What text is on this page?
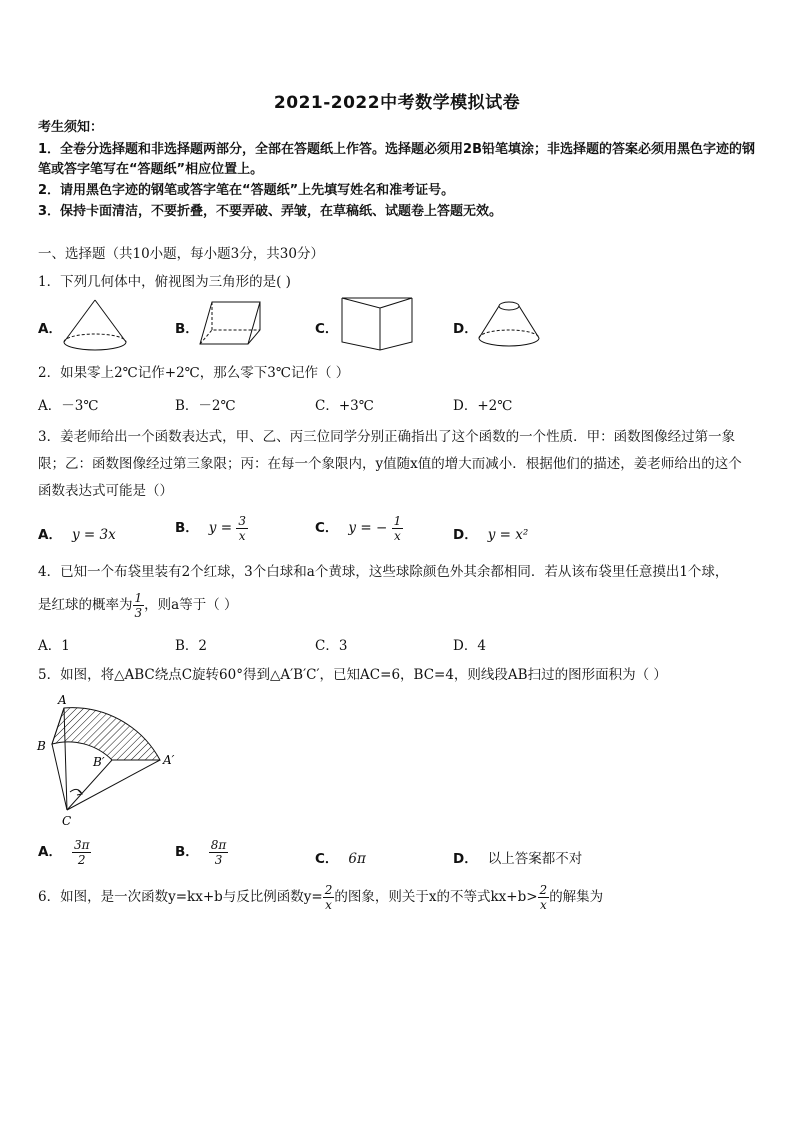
2021-2022中考数学模拟试卷
考生须知：
1．全卷分选择题和非选择题两部分，全部在答题纸上作答。选择题必须用2B铅笔填涂；非选择题的答案必须用黑色字迹的钢笔或答字笔写在“答题纸”相应位置上。
2．请用黑色字迹的钢笔或答字笔在“答题纸”上先填写姓名和准考证号。
3．保持卡面清洁，不要折叠，不要弄破、弄皱，在草稿纸、试题卷上答题无效。
一、选择题（共10小题，每小题3分，共30分）
1．下列几何体中，俯视图为三角形的是( )
A．	B．	C．	D．
2．如果零上2℃记作+2℃，那么零下3℃记作（ ）
A．－3℃	B．－2℃	C．+3℃	D．+2℃
3．姜老师给出一个函数表达式，甲、乙、丙三位同学分别正确指出了这个函数的一个性质．甲：函数图像经过第一象限；乙：函数图像经过第三象限；丙：在每一个象限内，y值随x值的增大而减小．根据他们的描述，姜老师给出的这个函数表达式可能是（）
A． y = 3x	B． $y = \frac{3}{x}$	C． y = − $\frac{1}{x}$	D． y = x²
4．已知一个布袋里装有2个红球，3个白球和a个黄球，这些球除颜色外其余都相同．若从该布袋里任意摸出1个球，
是红球的概率为 $\frac{1}{3}$ ，则a等于（ ）
A．1	B．2	C．3	D．4
5．如图，将△ABC绕点C旋转60°得到△A′B′C′，已知AC=6，BC=4，则线段AB扫过的图形面积为（ ）
A
B
B′	A′
C
A． $\frac{3\pi}{2}$	B． $\frac{8\pi}{3}$	C． 6π	D． 以上答案都不对
6．如图，是一次函数y=kx+b与反比例函数$y= \frac{2}{x}$ 的图象，则关于x的不等式$kx+b> \frac{2}{x}$ 的解集为
